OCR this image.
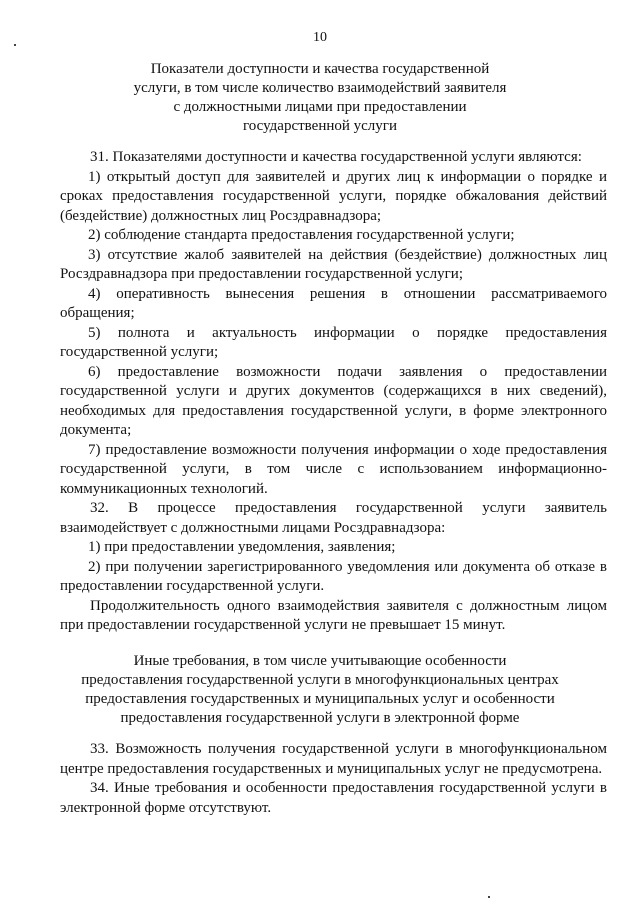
10
Показатели доступности и качества государственной
услуги, в том числе количество взаимодействий заявителя
с должностными лицами при предоставлении
государственной услуги

31. Показателями доступности и качества государственной услуги являются:

1) открытый доступ для заявителей и других лиц к информации о порядке и сроках предоставления государственной услуги, порядке обжалования действий (бездействие) должностных лиц Росздравнадзора;

2) соблюдение стандарта предоставления государственной услуги;

3) отсутствие жалоб заявителей на действия (бездействие) должностных лиц Росздравнадзора при предоставлении государственной услуги;

4) оперативность вынесения решения в отношении рассматриваемого обращения;

5) полнота и актуальность информации о порядке предоставления государственной услуги;

6) предоставление возможности подачи заявления о предоставлении государственной услуги и других документов (содержащихся в них сведений), необходимых для предоставления государственной услуги, в форме электронного документа;

7) предоставление возможности получения информации о ходе предоставления государственной услуги, в том числе с использованием информационно-коммуникационных технологий.

32. В процессе предоставления государственной услуги заявитель взаимодействует с должностными лицами Росздравнадзора:

1) при предоставлении уведомления, заявления;

2) при получении зарегистрированного уведомления или документа об отказе в предоставлении государственной услуги.

Продолжительность одного взаимодействия заявителя с должностным лицом при предоставлении государственной услуги не превышает 15 минут.

Иные требования, в том числе учитывающие особенности
предоставления государственной услуги в многофункциональных центрах
предоставления государственных и муниципальных услуг и особенности
предоставления государственной услуги в электронной форме

33. Возможность получения государственной услуги в многофункциональном центре предоставления государственных и муниципальных услуг не предусмотрена.

34. Иные требования и особенности предоставления государственной услуги в электронной форме отсутствуют.
